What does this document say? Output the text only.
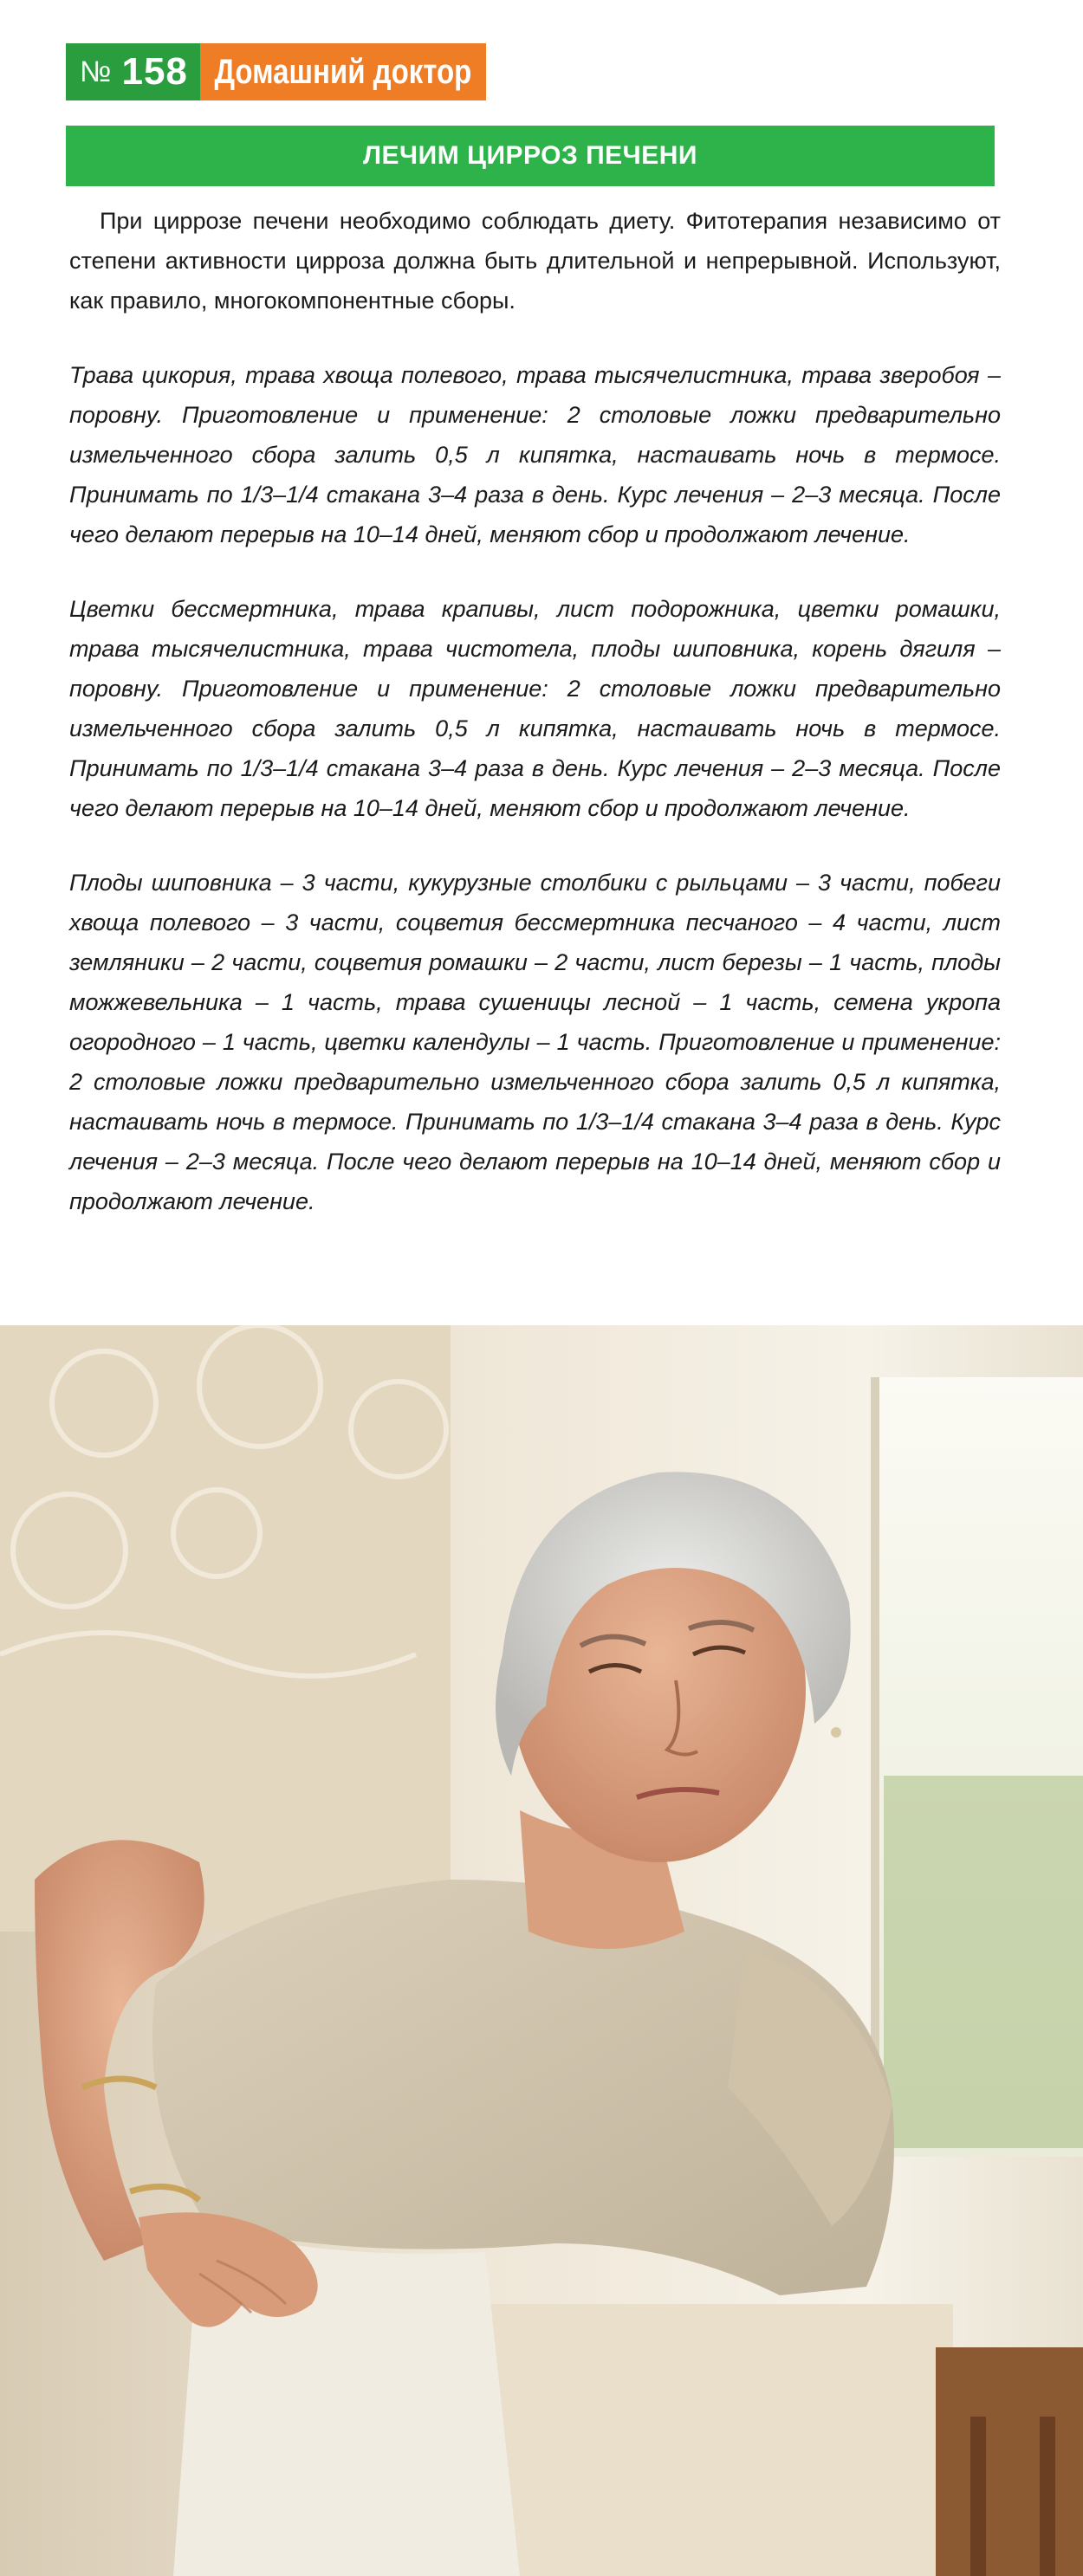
№ 158 Домашний доктор
ЛЕЧИМ ЦИРРОЗ ПЕЧЕНИ

При циррозе печени необходимо соблюдать диету. Фитотерапия независимо от степени активности цирроза должна быть длительной и непрерывной. Используют, как правило, многокомпонентные сборы.

Трава цикория, трава хвоща полевого, трава тысячелистника, трава зверобоя – поровну. Приготовление и применение: 2 столовые ложки предварительно измельченного сбора залить 0,5 л кипятка, настаивать ночь в термосе. Принимать по 1/3–1/4 стакана 3–4 раза в день. Курс лечения – 2–3 месяца. После чего делают перерыв на 10–14 дней, меняют сбор и продолжают лечение.

Цветки бессмертника, трава крапивы, лист подорожника, цветки ромашки, трава тысячелистника, трава чистотела, плоды шиповника, корень дягиля – поровну. Приготовление и применение: 2 столовые ложки предварительно измельченного сбора залить 0,5 л кипятка, настаивать ночь в термосе. Принимать по 1/3–1/4 стакана 3–4 раза в день. Курс лечения – 2–3 месяца. После чего делают перерыв на 10–14 дней, меняют сбор и продолжают лечение.

Плоды шиповника – 3 части, кукурузные столбики с рыльцами – 3 части, побеги хвоща полевого – 3 части, соцветия бессмертника песчаного – 4 части, лист земляники – 2 части, соцветия ромашки – 2 части, лист березы – 1 часть, плоды можжевельника – 1 часть, трава сушеницы лесной – 1 часть, семена укропа огородного – 1 часть, цветки календулы – 1 часть. Приготовление и применение: 2 столовые ложки предварительно измельченного сбора залить 0,5 л кипятка, настаивать ночь в термосе. Принимать по 1/3–1/4 стакана 3–4 раза в день. Курс лечения – 2–3 месяца. После чего делают перерыв на 10–14 дней, меняют сбор и продолжают лечение.
